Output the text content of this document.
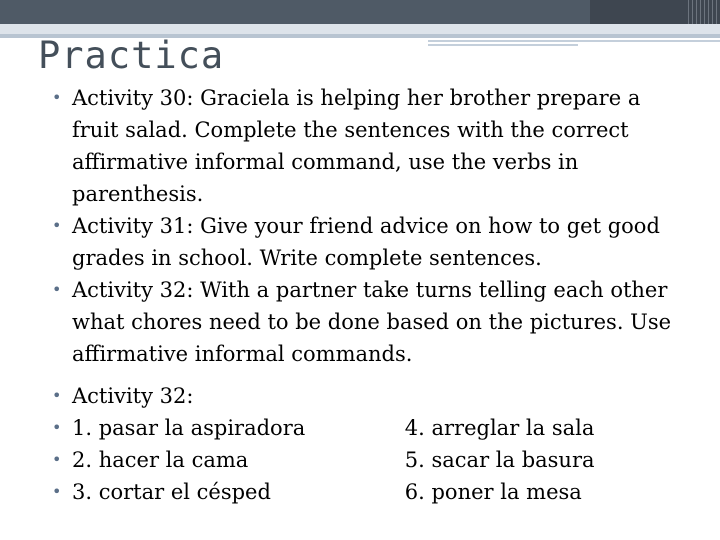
Practica

• Activity 30: Graciela is helping her brother prepare a fruit salad. Complete the sentences with the correct affirmative informal command, use the verbs in parenthesis.

• Activity 31: Give your friend advice on how to get good grades in school. Write complete sentences.

• Activity 32: With a partner take turns telling each other what chores need to be done based on the pictures. Use affirmative informal commands.

• Activity 32:

• 1. pasar la aspiradora	4. arreglar la sala

• 2. hacer la cama	5. sacar la basura

• 3. cortar el césped	6. poner la mesa
